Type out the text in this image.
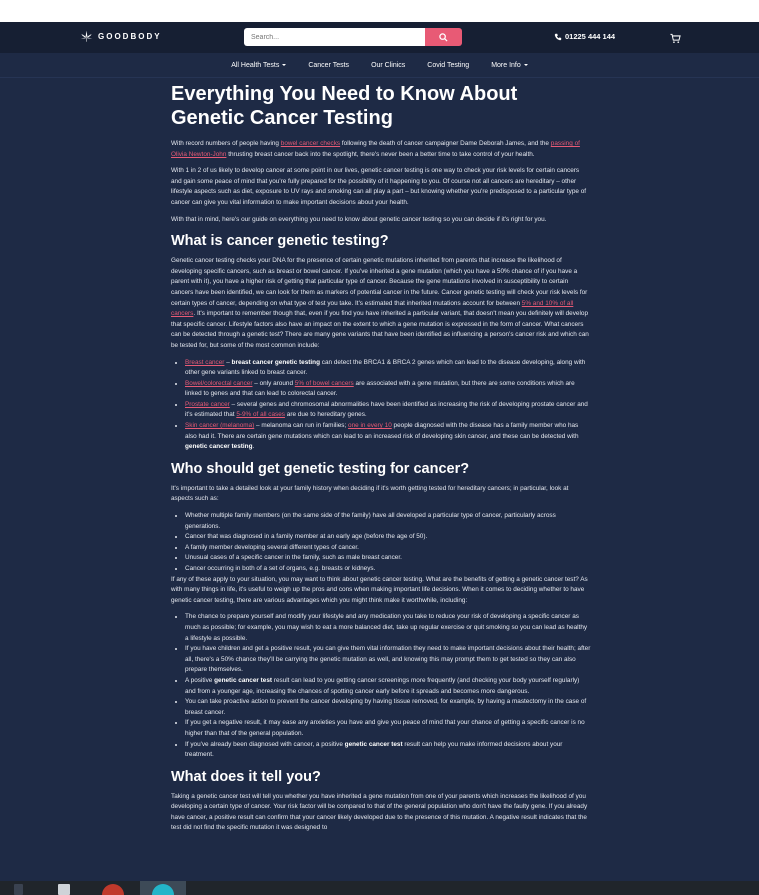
GOODBODY
Search...	01225 444 144
All Health Tests	Cancer Tests	Our Clinics	Covid Testing	More Info
Everything You Need to Know About Genetic Cancer Testing

With record numbers of people having bowel cancer checks following the death of cancer campaigner Dame Deborah James, and the passing of Olivia Newton-John thrusting breast cancer back into the spotlight, there's never been a better time to take control of your health.

With 1 in 2 of us likely to develop cancer at some point in our lives, genetic cancer testing is one way to check your risk levels for certain cancers and gain some peace of mind that you're fully prepared for the possibility of it happening to you. Of course not all cancers are hereditary – other lifestyle aspects such as diet, exposure to UV rays and smoking can all play a part – but knowing whether you're predisposed to a particular type of cancer can give you vital information to make important decisions about your health.

With that in mind, here's our guide on everything you need to know about genetic cancer testing so you can decide if it's right for you.

What is cancer genetic testing?

Genetic cancer testing checks your DNA for the presence of certain genetic mutations inherited from parents that increase the likelihood of developing specific cancers, such as breast or bowel cancer. If you've inherited a gene mutation (which you have a 50% chance of if you have a parent with it), you have a higher risk of getting that particular type of cancer. Because the gene mutations involved in susceptibility to certain cancers have been identified, we can look for them as markers of potential cancer in the future. Cancer genetic testing will check your risk levels for certain types of cancer, depending on what type of test you take. It's estimated that inherited mutations account for between 5% and 10% of all cancers. It's important to remember though that, even if you find you have inherited a particular variant, that doesn't mean you definitely will develop that specific cancer. Lifestyle factors also have an impact on the extent to which a gene mutation is expressed in the form of cancer. What cancers can be detected through a genetic test? There are many gene variants that have been identified as influencing a person's cancer risk and which can be tested for, but some of the most common include:

• Breast cancer – breast cancer genetic testing can detect the BRCA1 & BRCA 2 genes which can lead to the disease developing, along with other gene variants linked to breast cancer.
• Bowel/colorectal cancer – only around 5% of bowel cancers are associated with a gene mutation, but there are some conditions which are linked to genes and that can lead to colorectal cancer.
• Prostate cancer – several genes and chromosomal abnormalities have been identified as increasing the risk of developing prostate cancer and it's estimated that 5-9% of all cases are due to hereditary genes.
• Skin cancer (melanoma) – melanoma can run in families; one in every 10 people diagnosed with the disease has a family member who has also had it. There are certain gene mutations which can lead to an increased risk of developing skin cancer, and these can be detected with genetic cancer testing.
Who should get genetic testing for cancer?

It's important to take a detailed look at your family history when deciding if it's worth getting tested for hereditary cancers; in particular, look at aspects such as:

• Whether multiple family members (on the same side of the family) have all developed a particular type of cancer, particularly across generations.
• Cancer that was diagnosed in a family member at an early age (before the age of 50).
• A family member developing several different types of cancer.
• Unusual cases of a specific cancer in the family, such as male breast cancer.
• Cancer occurring in both of a set of organs, e.g. breasts or kidneys.

If any of these apply to your situation, you may want to think about genetic cancer testing. What are the benefits of getting a genetic cancer test? As with many things in life, it's useful to weigh up the pros and cons when making important life decisions. When it comes to deciding whether to have genetic cancer testing, there are various advantages which you might think make it worthwhile, including:

• The chance to prepare yourself and modify your lifestyle and any medication you take to reduce your risk of developing a specific cancer as much as possible; for example, you may wish to eat a more balanced diet, take up regular exercise or quit smoking so you can lead as healthy a lifestyle as possible.
• If you have children and get a positive result, you can give them vital information they need to make important decisions about their health; after all, there's a 50% chance they'll be carrying the genetic mutation as well, and knowing this may prompt them to get tested so they can also prepare themselves.
• A positive genetic cancer test result can lead to you getting cancer screenings more frequently (and checking your body yourself regularly) and from a younger age, increasing the chances of spotting cancer early before it spreads and becomes more dangerous.
• You can take proactive action to prevent the cancer developing by having tissue removed, for example, by having a mastectomy in the case of breast cancer.
• If you get a negative result, it may ease any anxieties you have and give you peace of mind that your chance of getting a specific cancer is no higher than that of the general population.
• If you've already been diagnosed with cancer, a positive genetic cancer test result can help you make informed decisions about your treatment.
What does it tell you?

Taking a genetic cancer test will tell you whether you have inherited a gene mutation from one of your parents which increases the likelihood of you developing a certain type of cancer. Your risk factor will be compared to that of the general population who don't have the faulty gene. If you already have cancer, a positive result can confirm that your cancer likely developed due to the presence of this mutation. A negative result indicates that the test did not find the specific mutation it was designed to
